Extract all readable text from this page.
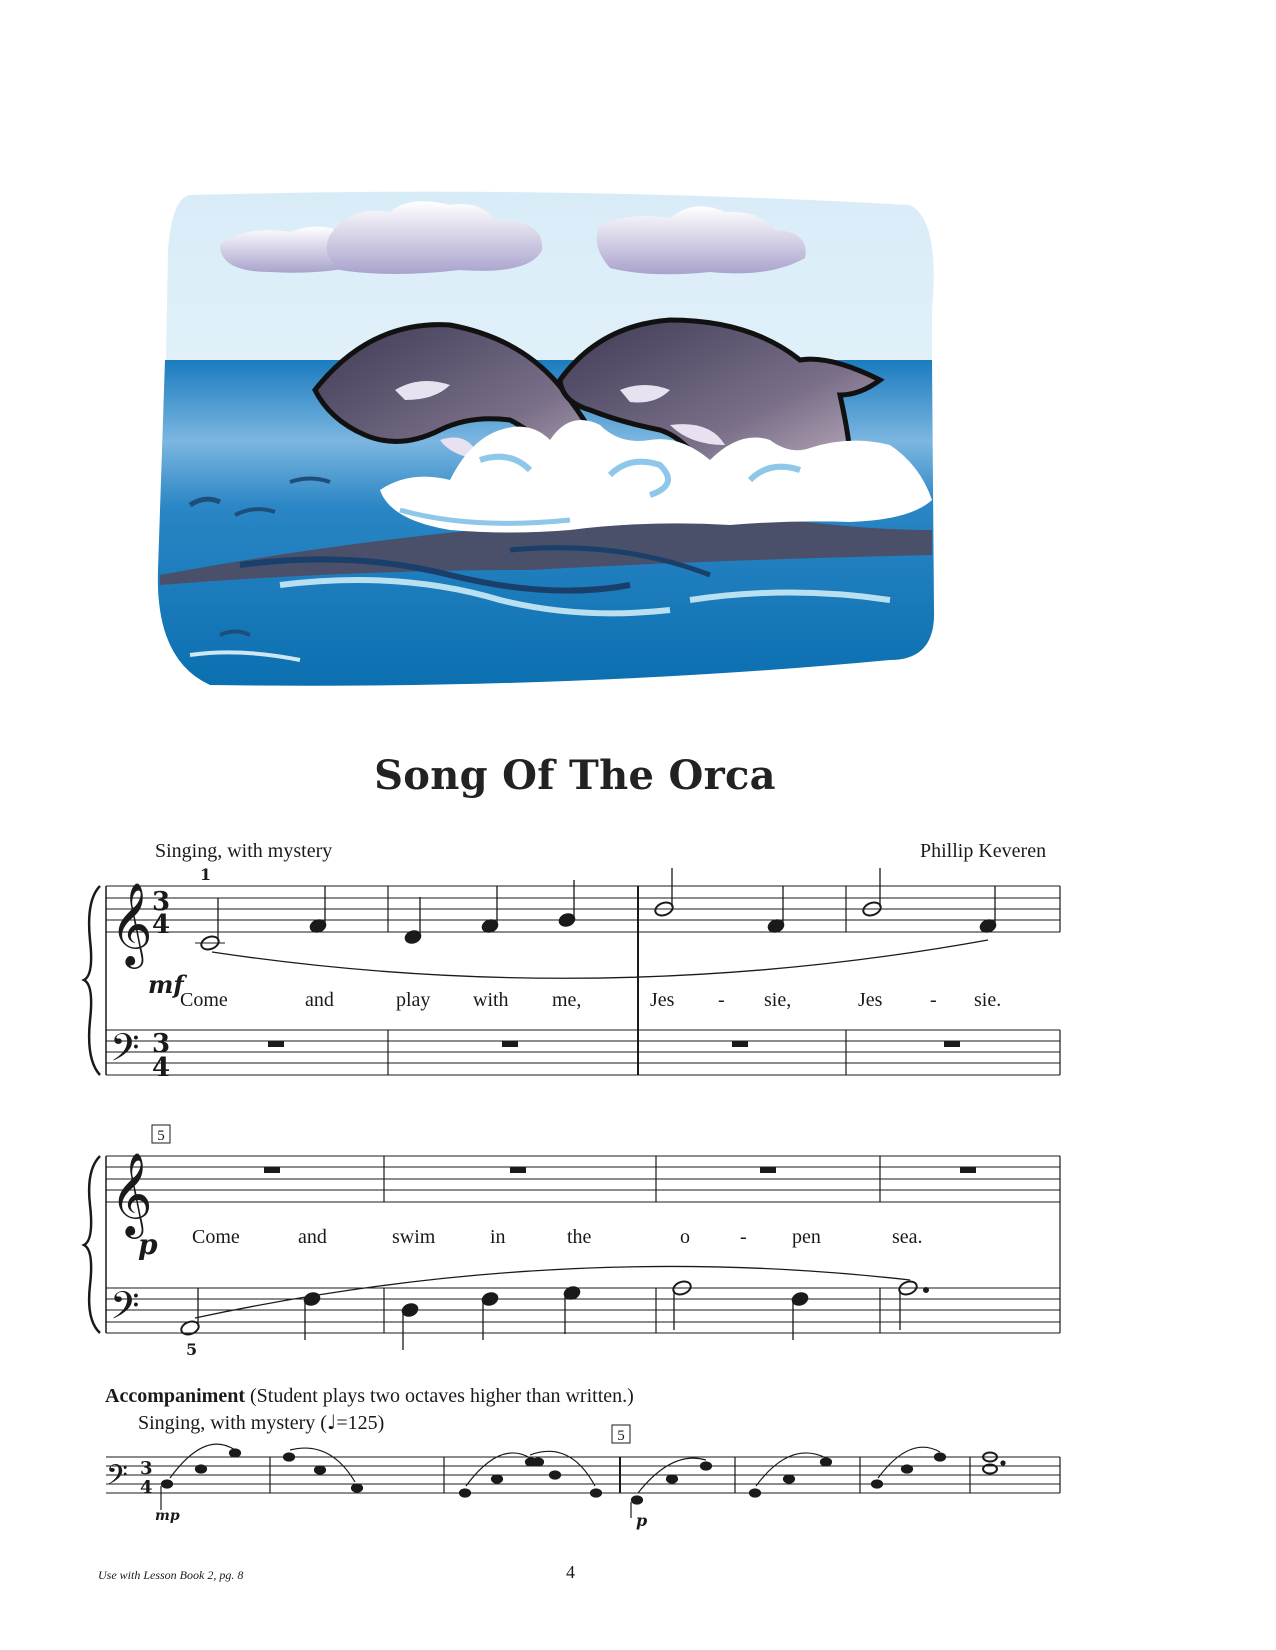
Song Of The Orca
Singing, with mystery	Phillip Keveren
𝄞
𝄢
𝄞
𝄢
𝄢
3
4
3
4
3
4
1
5
5
mf
p
mp	p
Come	and	play with me,	Jes - sie,	Jes - sie.
Come	and	swim	in	the	o	- pen	sea.
5
Accompaniment (Student plays two octaves higher than written.)
Singing, with mystery (♩=125)
Use with Lesson Book 2, pg. 8	4
